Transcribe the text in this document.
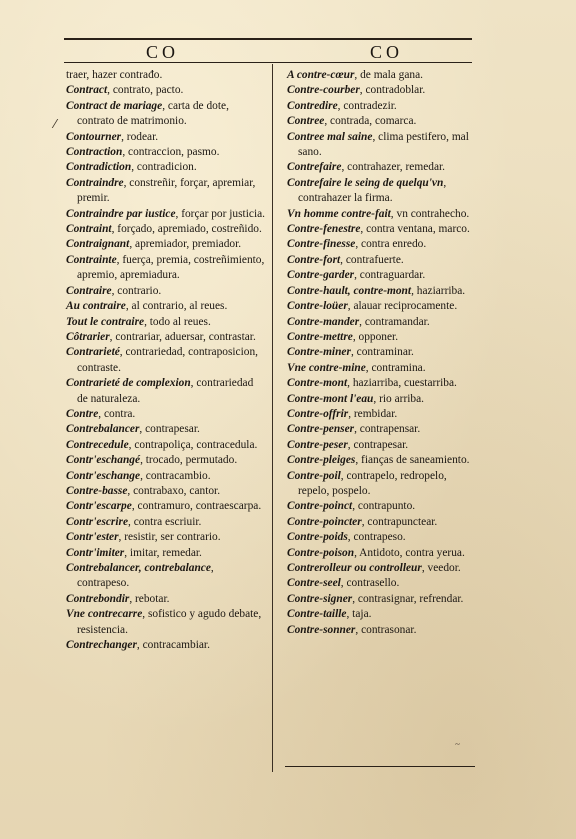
CO	CO
⁄
˜

traer, hazer contrađo.

Contract, contrato, pacto.

Contract de mariage, carta de dote, contrato de matrimonio.

Contourner, rodear.

Contraction, contraccion, pasmo.

Contradiction, contradicion.

Contraindre, constreñir, forçar, apremiar, premir.

Contraindre par iustice, forçar por justicia.

Contraint, forçado, apremiado, costreñido.

Contraignant, apremiador, premiador.

Contrainte, fuerça, premia, costreñimiento, apremio, apremiadura.

Contraire, contrario.

Au contraire, al contrario, al reues.

Tout le contraire, todo al reues.

Côtrarier, contrariar, aduersar, contrastar.

Contrarieté, contrariedad, contraposicion, contraste.

Contrarieté de complexion, contrariedad de naturaleza.

Contre, contra.

Contrebalancer, contrapesar.

Contrecedule, contrapoliça, contracedula.

Contr'eschangé, trocado, permutado.

Contr'eschange, contracambio.

Contre-basse, contrabaxo, cantor.

Contr'escarpe, contramuro, contraescarpa.

Contr'escrire, contra escriuir.

Contr'ester, resistir, ser contrario.

Contr'imiter, imitar, remedar.

Contrebalancer, contrebalance, contrapeso.

Contrebondir, rebotar.

Vne contrecarre, sofistico y agudo debate, resistencia.

Contrechanger, contracambiar.

A contre-cœur, de mala gana.

Contre-courber, contradoblar.

Contredire, contradezir.

Contree, contrada, comarca.

Contree mal saine, clima pestifero, mal sano.

Contrefaire, contrahazer, remedar.

Contrefaire le seing de quelqu'vn, contrahazer la firma.

Vn homme contre-fait, vn contrahecho.

Contre-fenestre, contra ventana, marco.

Contre-finesse, contra enredo.

Contre-fort, contrafuerte.

Contre-garder, contraguardar.

Contre-hault, contre-mont, haziarriba.

Contre-loüer, alauar reciprocamente.

Contre-mander, contramandar.

Contre-mettre, opponer.

Contre-miner, contraminar.

Vne contre-mine, contramina.

Contre-mont, haziarriba, cuestarriba.

Contre-mont l'eau, rio arriba.

Contre-offrir, rembidar.

Contre-penser, contrapensar.

Contre-peser, contrapesar.

Contre-pleiges, fianças de saneamiento.

Contre-poil, contrapelo, redropelo, repelo, pospelo.

Contre-poinct, contrapunto.

Contre-poincter, contrapunctear.

Contre-poids, contrapeso.

Contre-poison, Antidoto, contra yerua.

Contrerolleur ou controlleur, veedor.

Contre-seel, contrasello.

Contre-signer, contrasignar, refrendar.

Contre-taille, taja.

Contre-sonner, contrasonar.
